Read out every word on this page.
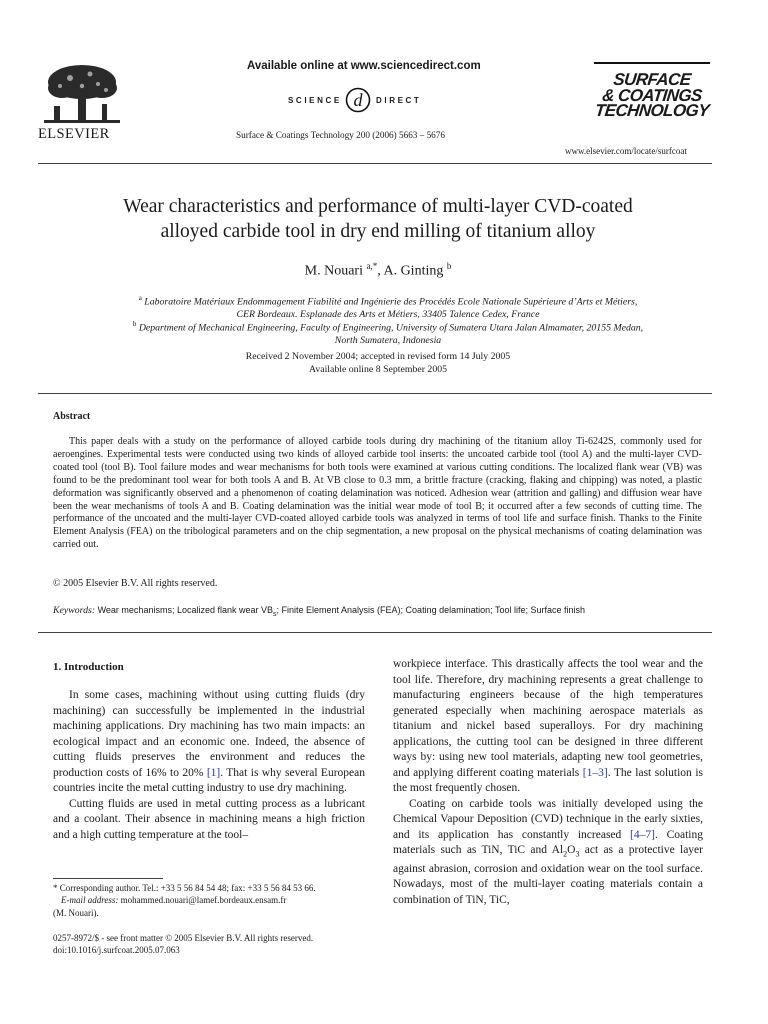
ELSEVIER
Available online at www.sciencedirect.com
SCIENCE d DIRECT
Surface & Coatings Technology 200 (2006) 5663 – 5676
SURFACE
& COATINGS
TECHNOLOGY
www.elsevier.com/locate/surfcoat
Wear characteristics and performance of multi-layer CVD-coated
alloyed carbide tool in dry end milling of titanium alloy
M. Nouari $^{a,*}$, A. Ginting $^b$
$^a$ Laboratoire Matériaux Endommagement Fiabilité and Ingénierie des Procédés Ecole Nationale Supérieure d’Arts et Métiers,
CER Bordeaux. Esplanade des Arts et Métiers, 33405 Talence Cedex, France
$^b$ Department of Mechanical Engineering, Faculty of Engineering, University of Sumatera Utara Jalan Almamater, 20155 Medan,
North Sumatera, Indonesia
Received 2 November 2004; accepted in revised form 14 July 2005
Available online 8 September 2005
Abstract
This paper deals with a study on the performance of alloyed carbide tools during dry machining of the titanium alloy Ti-6242S, commonly used for aeroengines. Experimental tests were conducted using two kinds of alloyed carbide tool inserts: the uncoated carbide tool (tool A) and the multi-layer CVD-coated tool (tool B). Tool failure modes and wear mechanisms for both tools were examined at various cutting conditions. The localized flank wear (VB) was found to be the predominant tool wear for both tools A and B. At VB close to 0.3 mm, a brittle fracture (cracking, flaking and chipping) was noted, a plastic deformation was significantly observed and a phenomenon of coating delamination was noticed. Adhesion wear (attrition and galling) and diffusion wear have been the wear mechanisms of tools A and B. Coating delamination was the initial wear mode of tool B; it occurred after a few seconds of cutting time. The performance of the uncoated and the multi-layer CVD-coated alloyed carbide tools was analyzed in terms of tool life and surface finish. Thanks to the Finite Element Analysis (FEA) on the tribological parameters and on the chip segmentation, a new proposal on the physical mechanisms of coating delamination was carried out.
© 2005 Elsevier B.V. All rights reserved.
Keywords: Wear mechanisms; Localized flank wear $VB_s$; Finite Element Analysis (FEA); Coating delamination; Tool life; Surface finish
1. Introduction

In some cases, machining without using cutting fluids (dry machining) can successfully be implemented in the industrial machining applications. Dry machining has two main impacts: an ecological impact and an economic one. Indeed, the absence of cutting fluids preserves the environment and reduces the production costs of 16% to 20% [1]. That is why several European countries incite the metal cutting industry to use dry machining.

Cutting fluids are used in metal cutting process as a lubricant and a coolant. Their absence in machining means a high friction and a high cutting temperature at the tool–

* Corresponding author. Tel.: +33 5 56 84 54 48; fax: +33 5 56 84 53 66.
E-mail address: mohammed.nouari@lamef.bordeaux.ensam.fr
(M. Nouari).
0257-8972/$ - see front matter © 2005 Elsevier B.V. All rights reserved.
doi:10.1016/j.surfcoat.2005.07.063

workpiece interface. This drastically affects the tool wear and the tool life. Therefore, dry machining represents a great challenge to manufacturing engineers because of the high temperatures generated especially when machining aerospace materials as titanium and nickel based superalloys. For dry machining applications, the cutting tool can be designed in three different ways by: using new tool materials, adapting new tool geometries, and applying different coating materials [1–3]. The last solution is the most frequently chosen.

Coating on carbide tools was initially developed using the Chemical Vapour Deposition (CVD) technique in the early sixties, and its application has constantly increased [4–7]. Coating materials such as TiN, TiC and $Al_2O_3$ act as a protective layer against abrasion, corrosion and oxidation wear on the tool surface. Nowadays, most of the multi-layer coating materials contain a combination of TiN, TiC,
